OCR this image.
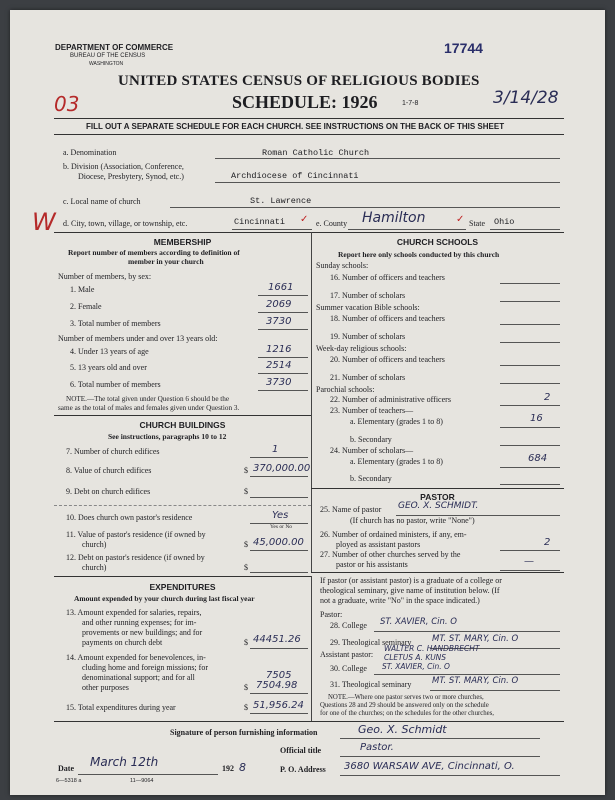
DEPARTMENT OF COMMERCE
BUREAU OF THE CENSUS
WASHINGTON
17744
UNITED STATES CENSUS OF RELIGIOUS BODIES
SCHEDULE: 1926	1-7-8
03	3/14/28
FILL OUT A SEPARATE SCHEDULE FOR EACH CHURCH. SEE INSTRUCTIONS ON THE BACK OF THIS SHEET
a. Denomination	Roman Catholic Church
b. Division (Association, Conference,
Diocese, Presbytery, Synod, etc.)	Archdiocese of Cincinnati
c. Local name of church	St. Lawrence
d. City, town, village, or township, etc.	Cincinnati ✓ e. County Hamilton	✓ State Ohio
W
MEMBERSHIP
Report number of members according to definition of
member in your church
Number of members, by sex:
1. Male	1661
2. Female	2069
3. Total number of members	3730
Number of members under and over 13 years old:
4. Under 13 years of age	1216
5. 13 years old and over	2514
6. Total number of members	3730
NOTE.—The total given under Question 6 should be the
same as the total of males and females given under Question 3.
CHURCH BUILDINGS
See instructions, paragraphs 10 to 12
7. Number of church edifices	1
8. Value of church edifices	$ 370,000.00
9. Debt on church edifices	$
10. Does church own pastor's residence	Yes
Yes or No
11. Value of pastor's residence (if owned by
church)	$ 45,000.00
12. Debt on pastor's residence (if owned by
church)	$
EXPENDITURES
Amount expended by your church during last fiscal year
13. Amount expended for salaries, repairs,
and other running expenses; for im-
provements or new buildings; and for
payments on church debt	$ 44451.26
14. Amount expended for benevolences, in-
cluding home and foreign missions; for
denominational support; and for all
other purposes
7505
$ 7504.98
15. Total expenditures during year	$ 51,956.24
CHURCH SCHOOLS
Report here only schools conducted by this church
Sunday schools:
16. Number of officers and teachers
17. Number of scholars
Summer vacation Bible schools:
18. Number of officers and teachers
19. Number of scholars
Week-day religious schools:
20. Number of officers and teachers
21. Number of scholars
Parochial schools:
22. Number of administrative officers	2
23. Number of teachers—
a. Elementary (grades 1 to 8)	16
b. Secondary
24. Number of scholars—
a. Elementary (grades 1 to 8)	684
b. Secondary
PASTOR
25. Name of pastor GEO. X. SCHMIDT.
(If church has no pastor, write "None")
26. Number of ordained ministers, if any, em-
ployed as assistant pastors	2
27. Number of other churches served by the
pastor or his assistants	—
If pastor (or assistant pastor) is a graduate of a college or
theological seminary, give name of institution below. (If
not a graduate, write "No" in the space indicated.)
Pastor:
28. College ST. XAVIER, Cin. O
29. Theological seminary MT. ST. MARY, Cin. O
Assistant pastor:
WALTER C. HANDBRECHT
CLETUS A. KUNS
30. College ST. XAVIER, Cin. O
31. Theological seminary MT. ST. MARY, Cin. O
NOTE.—Where one pastor serves two or more churches,
Questions 28 and 29 should be answered only on the schedule
for one of the churches; on the schedules for the other churches,
Signature of person furnishing information	Geo. X. Schmidt
Official title	Pastor.
Date March 12th	192 8	P. O. Address 3680 WARSAW AVE, Cincinnati, O.
6—5318 a	11—9064
